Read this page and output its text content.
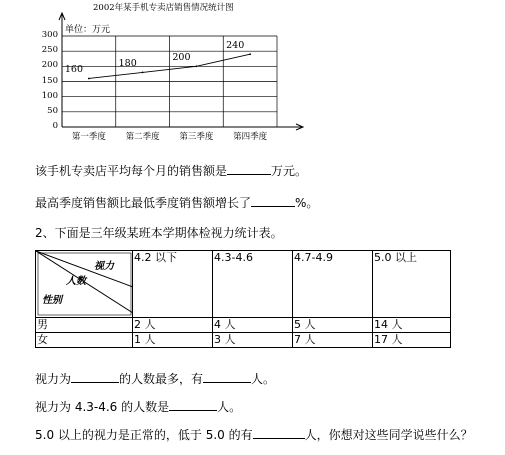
2002年某手机专卖店销售情况统计图
单位：万元
300
250
200
150
100
50
0
第一季度	第二季度	第三季度	第四季度
160
180
200
240
该手机专卖店平均每个月的销售额是	万元。
最高季度销售额比最低季度销售额增长了	%。
2、下面是三年级某班本学期体检视力统计表。
视力
人数
性别	4.2 以下	4.3-4.6	4.7-4.9	5.0 以上
男	2 人	4 人	5 人	14 人
女	1 人	3 人	7 人	17 人
视力为	的人数最多，有	人。
视力为 4.3-4.6 的人数是	人。
5.0 以上的视力是正常的，低于 5.0 的有	人，你想对这些同学说些什么？
